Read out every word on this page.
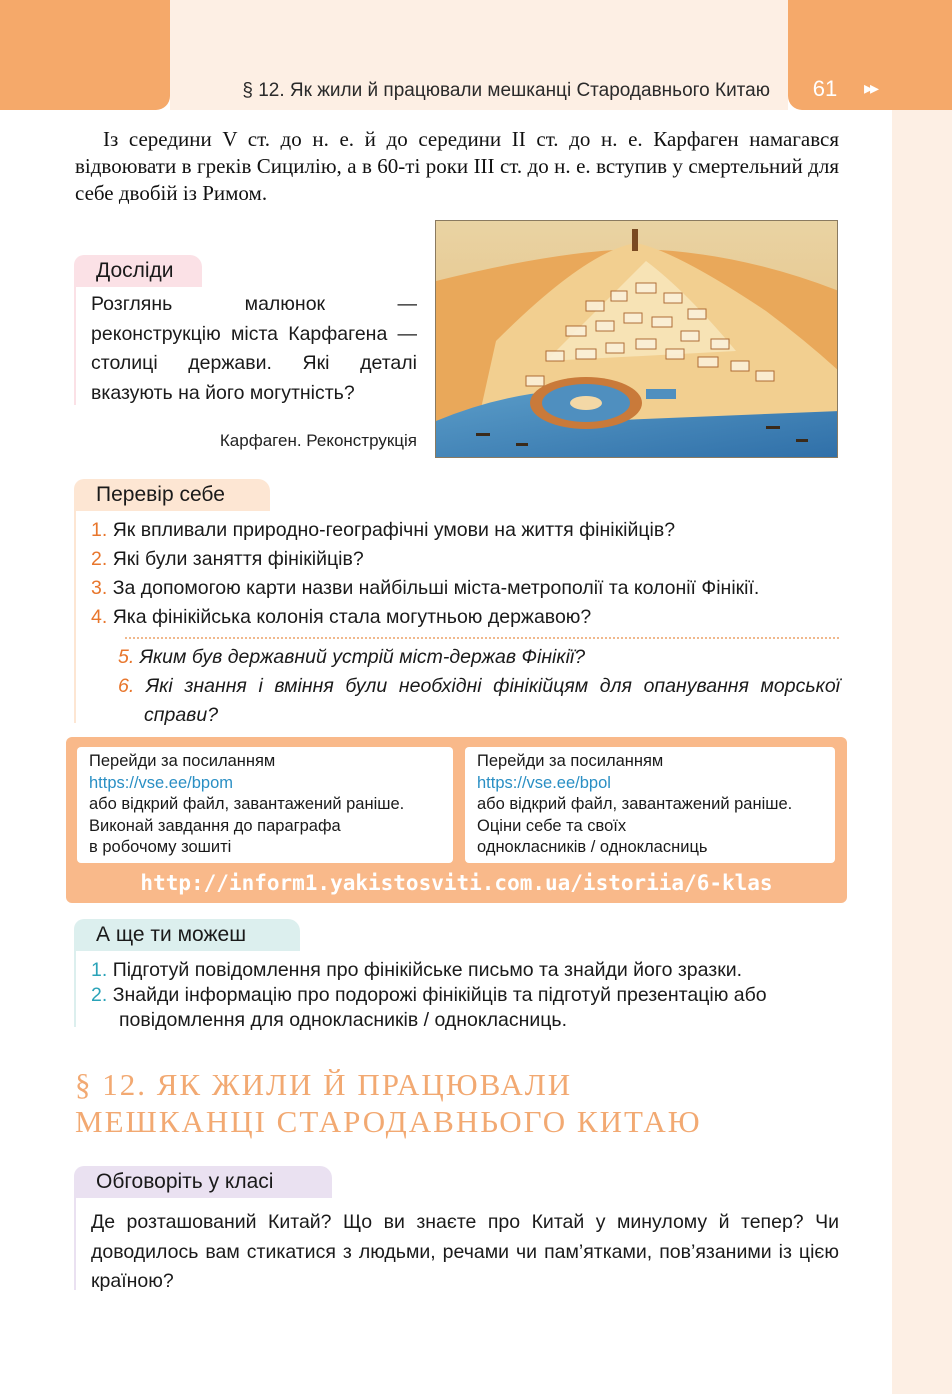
§ 12. Як жили й працювали мешканці Стародавнього Китаю	61	▸▸
Із середини V ст. до н. е. й до середини II ст. до н. е. Карфаген намагався відвоювати в греків Сицилію, а в 60-ті роки III ст. до н. е. вступив у смертельний для себе двобій із Римом.
Досліди
Розглянь малюнок — реконструкцію міста Карфагена — столиці держави. Які деталі вказують на його могутність?
Карфаген. Реконструкція
Перевір себе
1. Як впливали природно-географічні умови на життя фінікійців?
2. Які були заняття фінікійців?
3. За допомогою карти назви найбільші міста-метрополії та колонії Фінікії.
4. Яка фінікійська колонія стала могутньою державою?
5. Яким був державний устрій міст-держав Фінікії?
6. Які знання і вміння були необхідні фінікійцям для опанування морської справи?
Перейди за посиланням
https://vse.ee/bpom
або відкрий файл, завантажений раніше.
Виконай завдання до параграфа
в робочому зошиті
Перейди за посиланням
https://vse.ee/bpol
або відкрий файл, завантажений раніше.
Оціни себе та своїх
однокласників / однокласниць
http://inform1.yakistosviti.com.ua/istoriia/6-klas
А ще ти можеш
1. Підготуй повідомлення про фінікійське письмо та знайди його зразки.
2. Знайди інформацію про подорожі фінікійців та підготуй презентацію або повідомлення для однокласників / однокласниць.
§ 12. ЯК ЖИЛИ Й ПРАЦЮВАЛИ
МЕШКАНЦІ СТАРОДАВНЬОГО КИТАЮ
Обговоріть у класі
Де розташований Китай? Що ви знаєте про Китай у минулому й тепер? Чи доводилось вам стикатися з людьми, речами чи пам’ятками, пов’язаними із цією країною?
